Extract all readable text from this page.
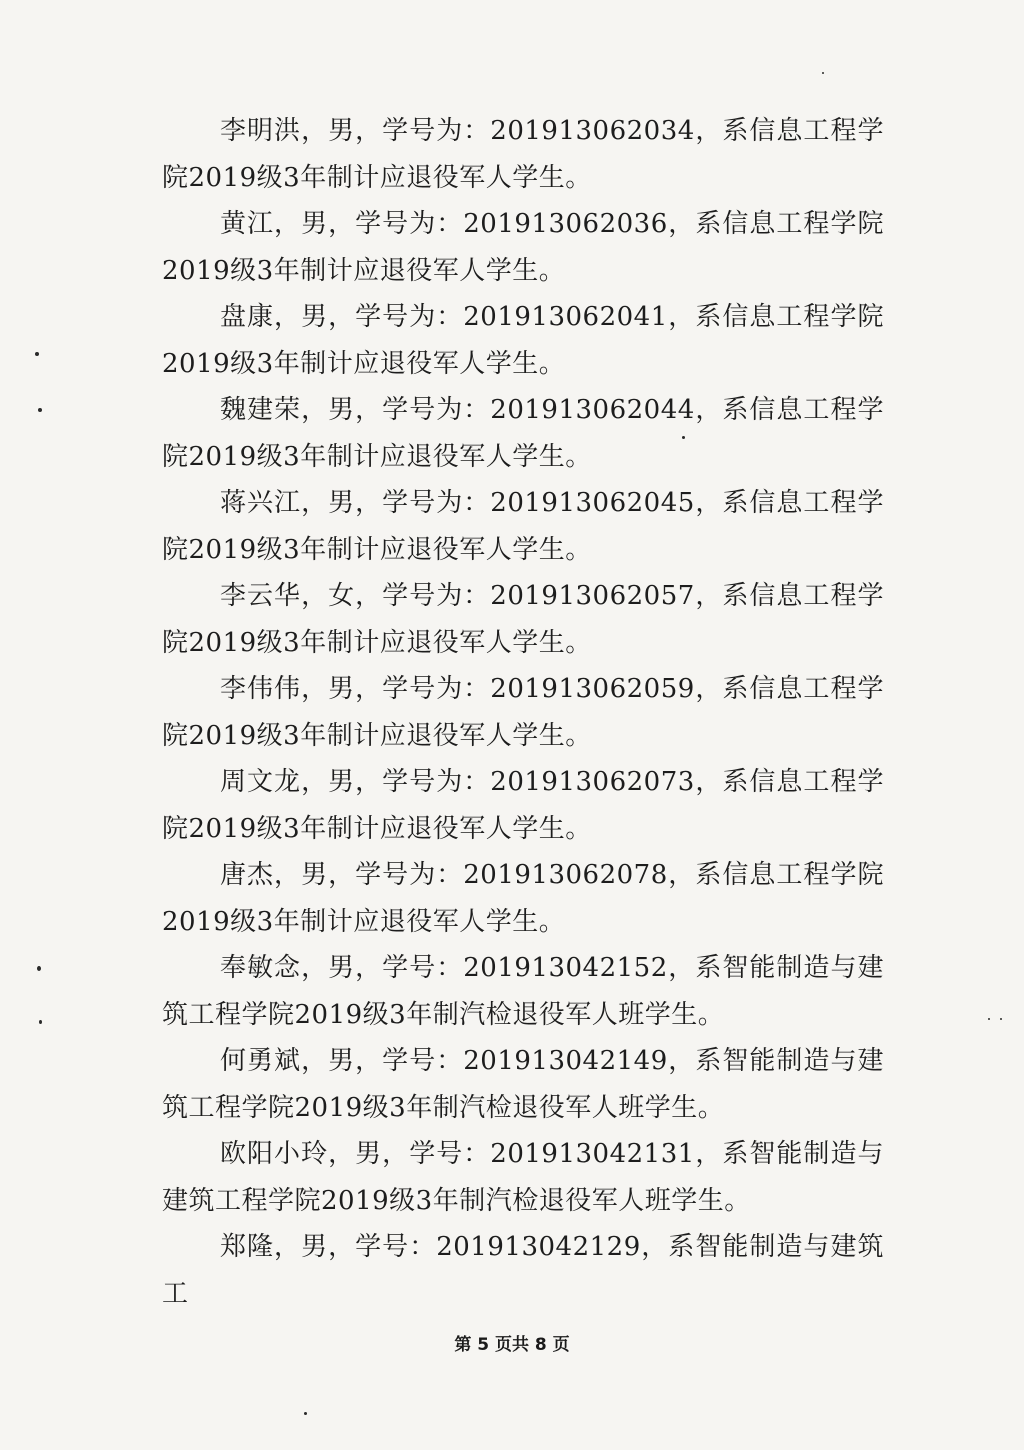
李明洪，男，学号为：201913062034，系信息工程学院2019级3年制计应退役军人学生。

黄江，男，学号为：201913062036，系信息工程学院2019级3年制计应退役军人学生。

盘康，男，学号为：201913062041，系信息工程学院2019级3年制计应退役军人学生。

魏建荣，男，学号为：201913062044，系信息工程学院2019级3年制计应退役军人学生。

蒋兴江，男，学号为：201913062045，系信息工程学院2019级3年制计应退役军人学生。

李云华，女，学号为：201913062057，系信息工程学院2019级3年制计应退役军人学生。

李伟伟，男，学号为：201913062059，系信息工程学院2019级3年制计应退役军人学生。

周文龙，男，学号为：201913062073，系信息工程学院2019级3年制计应退役军人学生。

唐杰，男，学号为：201913062078，系信息工程学院2019级3年制计应退役军人学生。

奉敏念，男，学号：201913042152，系智能制造与建筑工程学院2019级3年制汽检退役军人班学生。

何勇斌，男，学号：201913042149，系智能制造与建筑工程学院2019级3年制汽检退役军人班学生。

欧阳小玲，男，学号：201913042131，系智能制造与建筑工程学院2019级3年制汽检退役军人班学生。

郑隆，男，学号：201913042129，系智能制造与建筑工

第 5 页共 8 页
